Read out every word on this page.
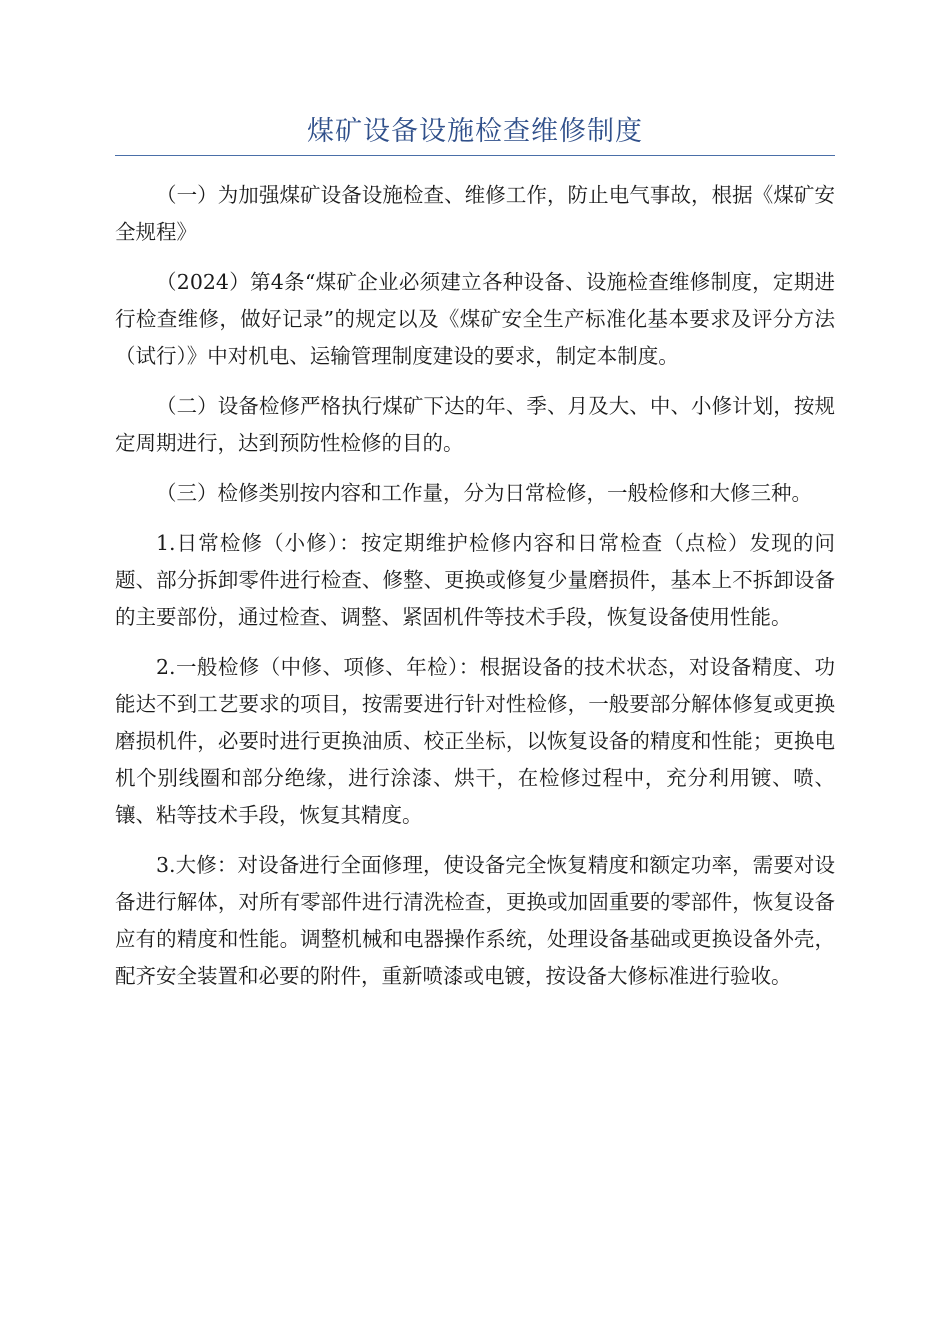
煤矿设备设施检查维修制度

（一）为加强煤矿设备设施检查、维修工作，防止电气事故，根据《煤矿安全规程》

（2024）第4条“煤矿企业必须建立各种设备、设施检查维修制度，定期进行检查维修，做好记录”的规定以及《煤矿安全生产标准化基本要求及评分方法（试行）》中对机电、运输管理制度建设的要求，制定本制度。

（二）设备检修严格执行煤矿下达的年、季、月及大、中、小修计划，按规定周期进行，达到预防性检修的目的。

（三）检修类别按内容和工作量，分为日常检修，一般检修和大修三种。

1.日常检修（小修）：按定期维护检修内容和日常检查（点检）发现的问题、部分拆卸零件进行检查、修整、更换或修复少量磨损件，基本上不拆卸设备的主要部份，通过检查、调整、紧固机件等技术手段，恢复设备使用性能。

2.一般检修（中修、项修、年检）：根据设备的技术状态，对设备精度、功能达不到工艺要求的项目，按需要进行针对性检修，一般要部分解体修复或更换磨损机件，必要时进行更换油质、校正坐标，以恢复设备的精度和性能；更换电机个别线圈和部分绝缘，进行涂漆、烘干，在检修过程中，充分利用镀、喷、镶、粘等技术手段，恢复其精度。

3.大修：对设备进行全面修理，使设备完全恢复精度和额定功率，需要对设备进行解体，对所有零部件进行清洗检查，更换或加固重要的零部件，恢复设备应有的精度和性能。调整机械和电器操作系统，处理设备基础或更换设备外壳，配齐安全装置和必要的附件，重新喷漆或电镀，按设备大修标准进行验收。
